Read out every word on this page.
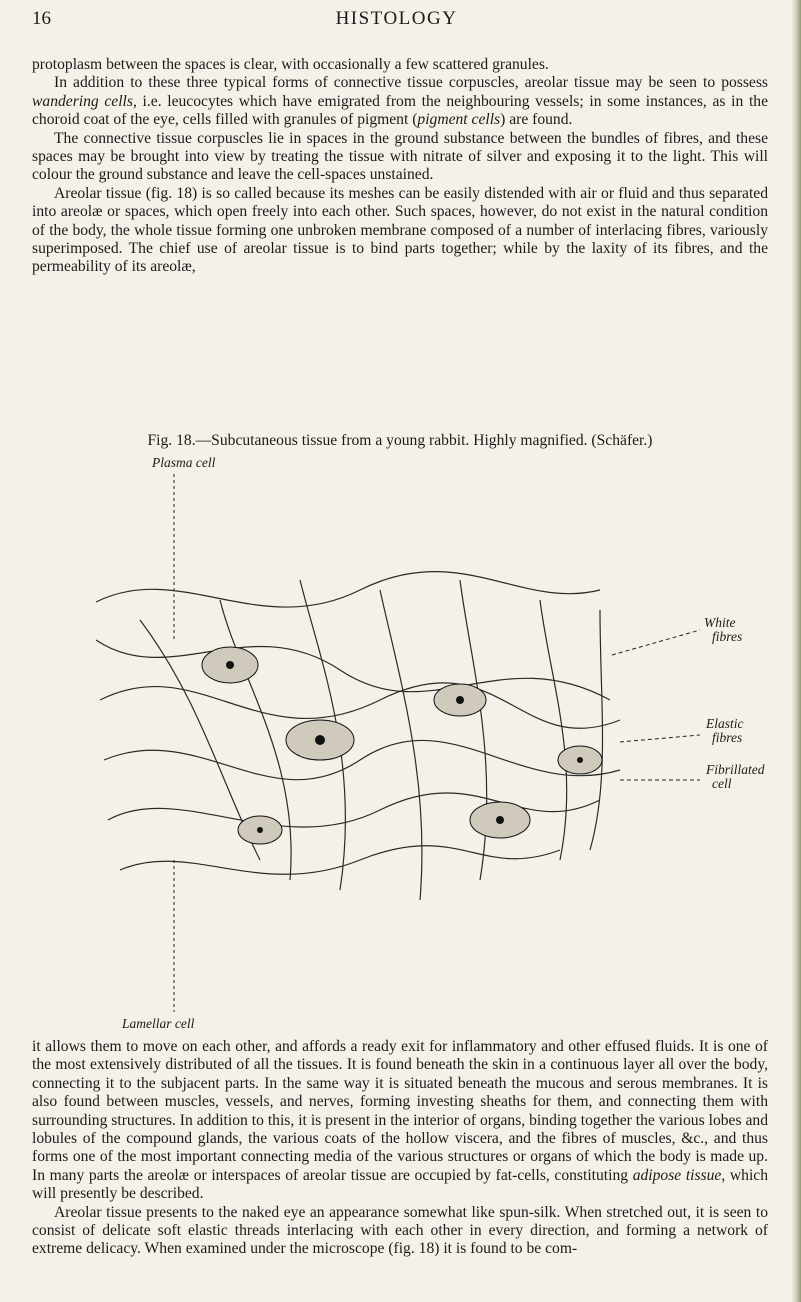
16	HISTOLOGY

protoplasm between the spaces is clear, with occasionally a few scattered granules.

In addition to these three typical forms of connective tissue corpuscles, areolar tissue may be seen to possess wandering cells, i.e. leucocytes which have emigrated from the neighbouring vessels; in some instances, as in the choroid coat of the eye, cells filled with granules of pigment (pigment cells) are found.

The connective tissue corpuscles lie in spaces in the ground substance between the bundles of fibres, and these spaces may be brought into view by treating the tissue with nitrate of silver and exposing it to the light. This will colour the ground substance and leave the cell-spaces unstained.

Areolar tissue (fig. 18) is so called because its meshes can be easily distended with air or fluid and thus separated into areolæ or spaces, which open freely into each other. Such spaces, however, do not exist in the natural condition of the body, the whole tissue forming one unbroken membrane composed of a number of interlacing fibres, variously superimposed. The chief use of areolar tissue is to bind parts together; while by the laxity of its fibres, and the permeability of its areolæ,

Fig. 18.—Subcutaneous tissue from a young rabbit. Highly magnified. (Schäfer.)
Plasma cell
White
fibres
Elastic
fibres
Fibrillated
cell
Lamellar cell

it allows them to move on each other, and affords a ready exit for inflammatory and other effused fluids. It is one of the most extensively distributed of all the tissues. It is found beneath the skin in a continuous layer all over the body, connecting it to the subjacent parts. In the same way it is situated beneath the mucous and serous membranes. It is also found between muscles, vessels, and nerves, forming investing sheaths for them, and connecting them with surrounding structures. In addition to this, it is present in the interior of organs, binding together the various lobes and lobules of the compound glands, the various coats of the hollow viscera, and the fibres of muscles, &c., and thus forms one of the most important connecting media of the various structures or organs of which the body is made up. In many parts the areolæ or interspaces of areolar tissue are occupied by fat-cells, constituting adipose tissue, which will presently be described.

Areolar tissue presents to the naked eye an appearance somewhat like spun-silk. When stretched out, it is seen to consist of delicate soft elastic threads interlacing with each other in every direction, and forming a network of extreme delicacy. When examined under the microscope (fig. 18) it is found to be com-
